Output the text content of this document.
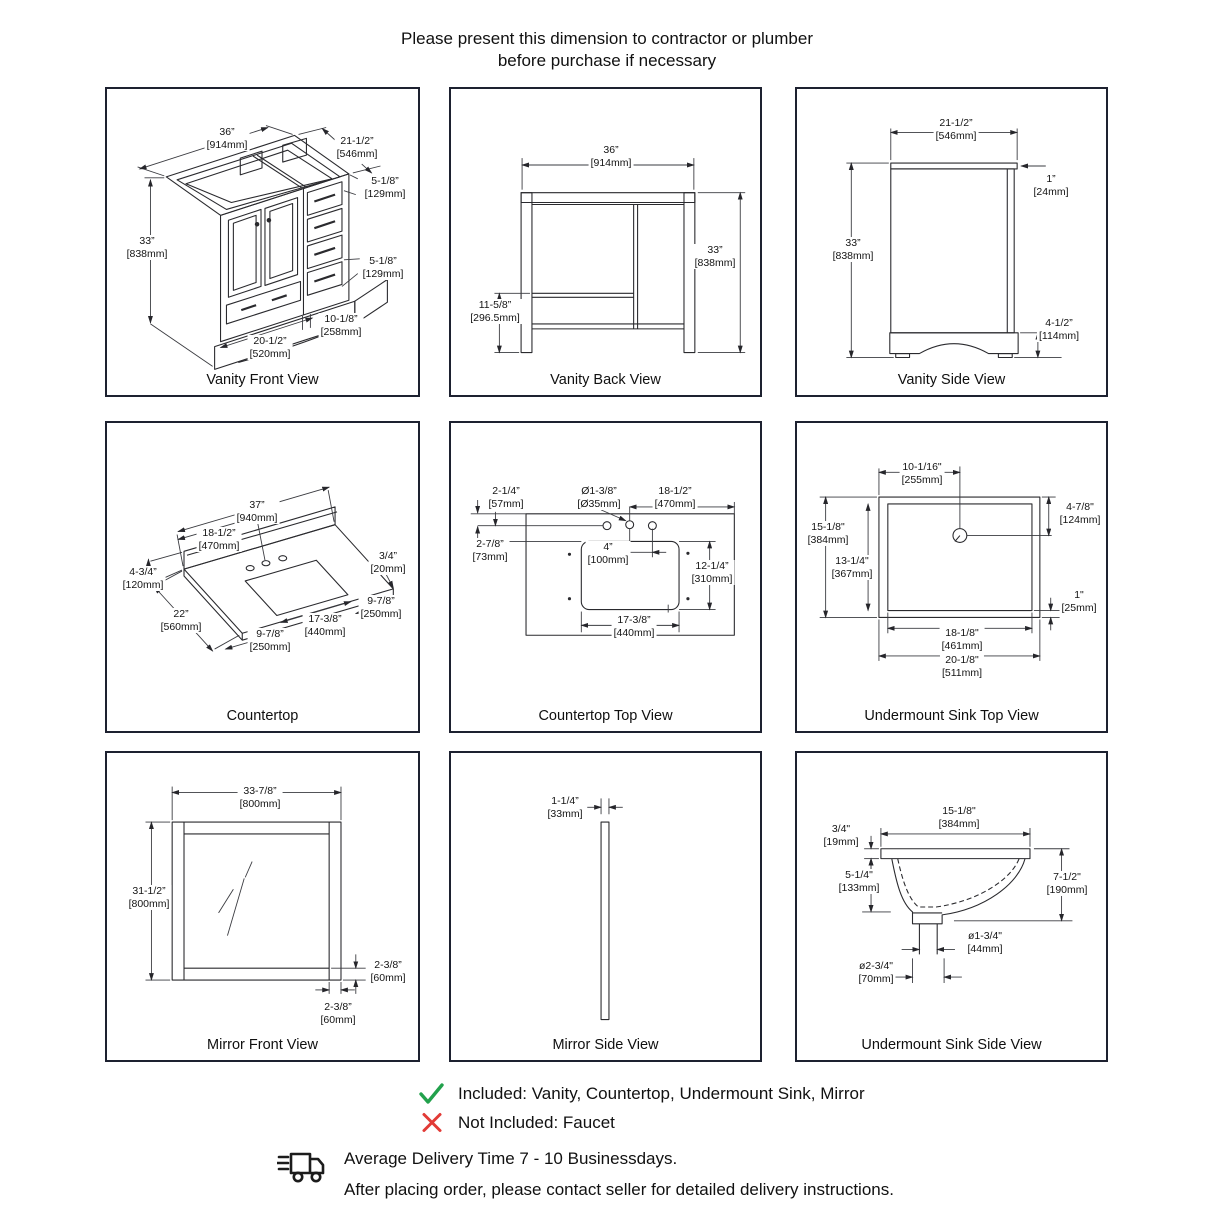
Please present this dimension to contractor or plumber
before purchase if necessary
36”
[914mm]	21-1/2”
[546mm]
5-1/8”
[129mm]
33”
[838mm]
5-1/8”
[129mm]
10-1/8”
[258mm]
20-1/2”
[520mm]
Vanity Front View
36”
[914mm]
33”
[838mm]
11-5/8”
[296.5mm]
Vanity Back View
21-1/2”
[546mm]
1”
[24mm]
33”
[838mm]
4-1/2”
[114mm]
Vanity Side View
37”
[940mm]
18-1/2”
[470mm]
4-3/4”
[120mm]
3/4”
[20mm]
22”
[560mm]
9-7/8”
[250mm]
17-3/8”
[440mm]
9-7/8”
[250mm]
Countertop
2-1/4”
[57mm]
Ø1-3/8”
[Ø35mm]
18-1/2”
[470mm]
2-7/8”
[73mm]
4”
[100mm]
12-1/4”
[310mm]
17-3/8”
[440mm]
Countertop Top View
10-1/16"
[255mm]
15-1/8"
[384mm]
13-1/4"
[367mm]
4-7/8"
[124mm]
1"
[25mm]
18-1/8"
[461mm]
20-1/8"
[511mm]
Undermount Sink Top View
33-7/8”
[800mm]
31-1/2”
[800mm]
2-3/8”
[60mm]
2-3/8”
[60mm]
Mirror Front View
1-1/4”
[33mm]
Mirror Side View
15-1/8"
[384mm]
3/4"
[19mm]
5-1/4"
[133mm]
7-1/2"
[190mm]
ø1-3/4"
[44mm]
ø2-3/4"
[70mm]
Undermount Sink Side View
Included: Vanity, Countertop, Undermount Sink, Mirror
Not Included: Faucet
Average Delivery Time 7 - 10 Businessdays.
After placing order, please contact seller for detailed delivery instructions.
